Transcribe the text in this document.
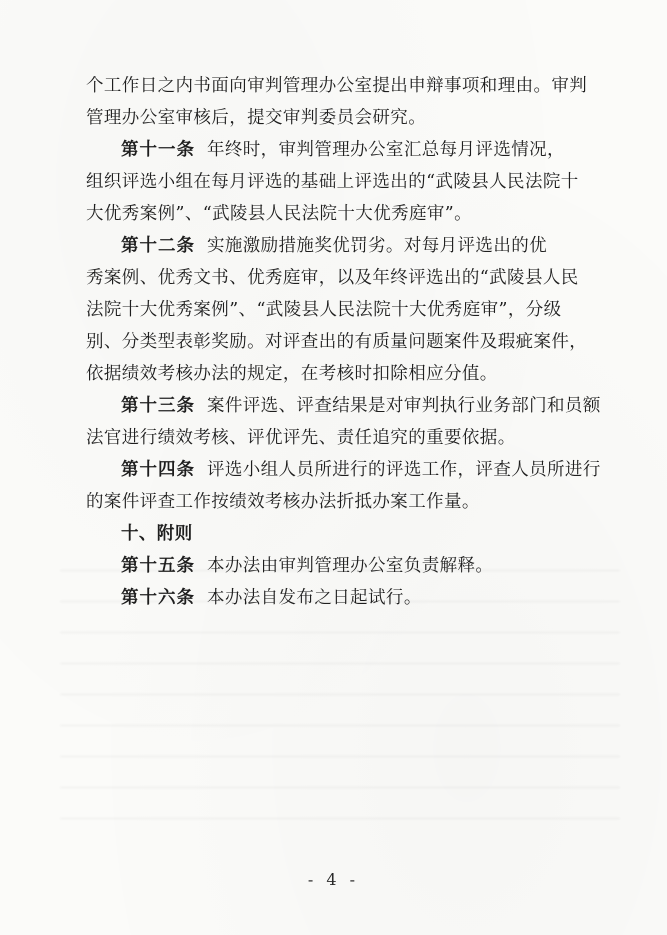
个工作日之内书面向审判管理办公室提出申辩事项和理由。审判
管理办公室审核后，提交审判委员会研究。

第十一条 年终时，审判管理办公室汇总每月评选情况，
组织评选小组在每月评选的基础上评选出的“武陵县人民法院十
大优秀案例”、“武陵县人民法院十大优秀庭审”。

第十二条 实施激励措施奖优罚劣。对每月评选出的优
秀案例、优秀文书、优秀庭审，以及年终评选出的“武陵县人民
法院十大优秀案例”、“武陵县人民法院十大优秀庭审”，分级
别、分类型表彰奖励。对评查出的有质量问题案件及瑕疵案件，
依据绩效考核办法的规定，在考核时扣除相应分值。

第十三条 案件评选、评查结果是对审判执行业务部门和员额
法官进行绩效考核、评优评先、责任追究的重要依据。

第十四条 评选小组人员所进行的评选工作，评查人员所进行
的案件评查工作按绩效考核办法折抵办案工作量。

十、附则

第十五条 本办法由审判管理办公室负责解释。

第十六条 本办法自发布之日起试行。

- 4 -
